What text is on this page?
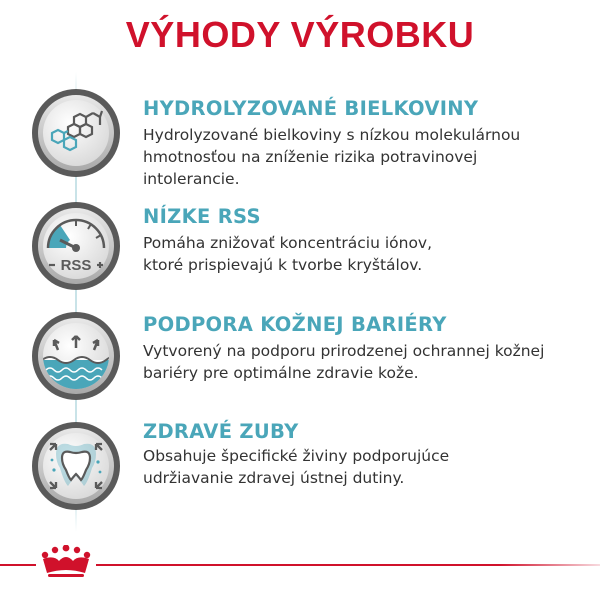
VÝHODY VÝROBKU
HYDROLYZOVANÉ BIELKOVINY
Hydrolyzované bielkoviny s nízkou molekulárnou
hmotnosťou na zníženie rizika potravinovej
intolerancie.
RSS
NÍZKE RSS
Pomáha znižovať koncentráciu iónov,
ktoré prispievajú k tvorbe kryštálov.
PODPORA KOŽNEJ BARIÉRY
Vytvorený na podporu prirodzenej ochrannej kožnej
bariéry pre optimálne zdravie kože.
ZDRAVÉ ZUBY
Obsahuje špecifické živiny podporujúce
udržiavanie zdravej ústnej dutiny.
